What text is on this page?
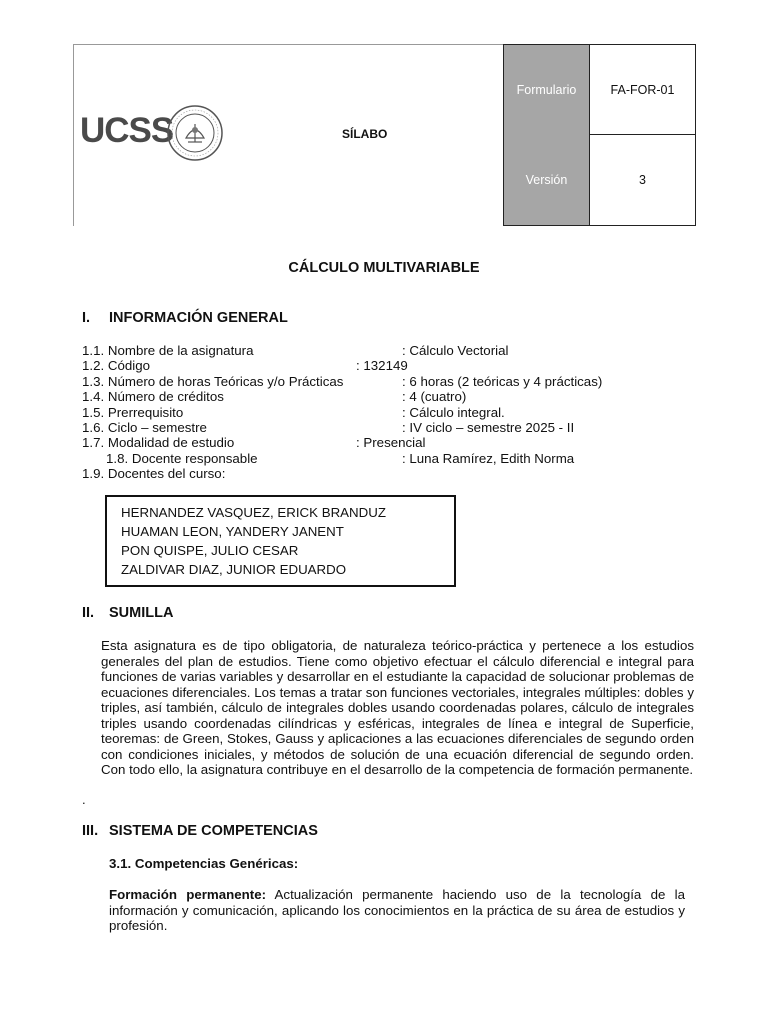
UCSS	SÍLABO
Formulario	FA-FOR-01
Versión	3
CÁLCULO MULTIVARIABLE
I. INFORMACIÓN GENERAL
1.1. Nombre de la asignatura	: Cálculo Vectorial
1.2. Código	: 132149
1.3. Número de horas Teóricas y/o Prácticas	: 6 horas (2 teóricas y 4 prácticas)
1.4. Número de créditos	: 4 (cuatro)
1.5. Prerrequisito	: Cálculo integral.
1.6. Ciclo – semestre	: IV ciclo – semestre 2025 - II
1.7. Modalidad de estudio	: Presencial
1.8. Docente responsable	: Luna Ramírez, Edith Norma
1.9. Docentes del curso:
HERNANDEZ VASQUEZ, ERICK BRANDUZ
HUAMAN LEON, YANDERY JANENT
PON QUISPE, JULIO CESAR
ZALDIVAR DIAZ, JUNIOR EDUARDO
II. SUMILLA
Esta asignatura es de tipo obligatoria, de naturaleza teórico-práctica y pertenece a los estudios generales del plan de estudios. Tiene como objetivo efectuar el cálculo diferencial e integral para funciones de varias variables y desarrollar en el estudiante la capacidad de solucionar problemas de ecuaciones diferenciales. Los temas a tratar son funciones vectoriales, integrales múltiples: dobles y triples, así también, cálculo de integrales dobles usando coordenadas polares, cálculo de integrales triples usando coordenadas cilíndricas y esféricas, integrales de línea e integral de Superficie, teoremas: de Green, Stokes, Gauss y aplicaciones a las ecuaciones diferenciales de segundo orden con condiciones iniciales, y métodos de solución de una ecuación diferencial de segundo orden. Con todo ello, la asignatura contribuye en el desarrollo de la competencia de formación permanente.
.
III. SISTEMA DE COMPETENCIAS
3.1. Competencias Genéricas:
Formación permanente: Actualización permanente haciendo uso de la tecnología de la información y comunicación, aplicando los conocimientos en la práctica de su área de estudios y profesión.
